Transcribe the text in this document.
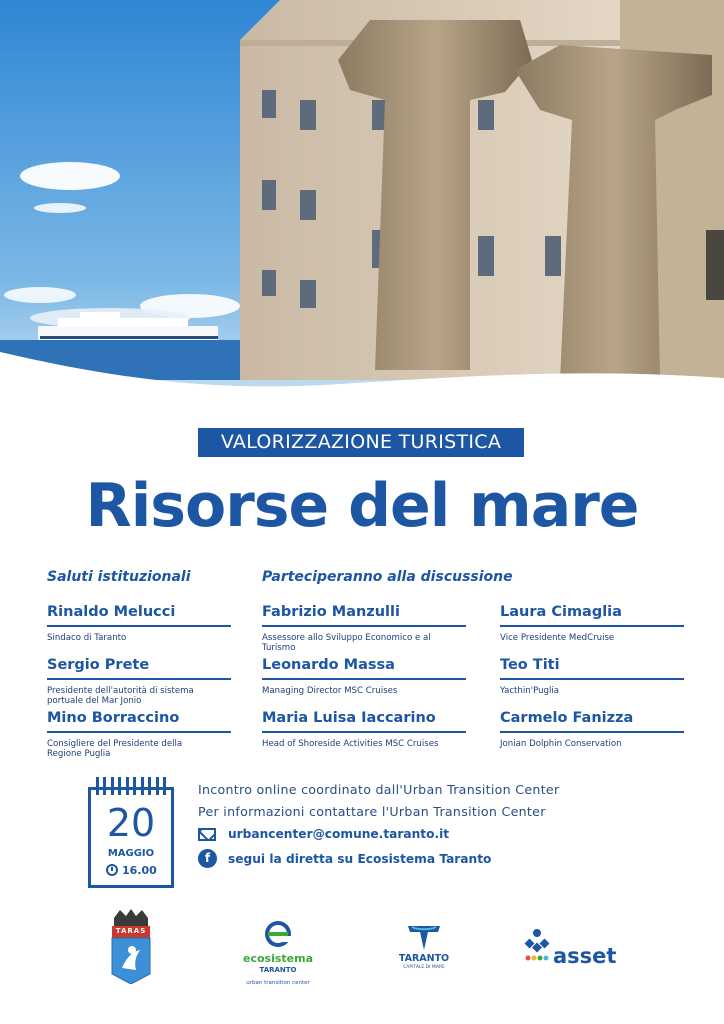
VALORIZZAZIONE TURISTICA
Risorse del mare
Saluti istituzionali	Parteciperanno alla discussione
Rinaldo Melucci
Sindaco di Taranto
Sergio Prete
Presidente dell'autorità di sistema portuale del Mar Jonio
Mino Borraccino
Consigliere del Presidente della Regione Puglia
Fabrizio Manzulli
Assessore allo Sviluppo Economico e al Turismo
Leonardo Massa
Managing Director MSC Cruises
Maria Luisa Iaccarino
Head of Shoreside Activities MSC Cruises
Laura Cimaglia
Vice Presidente MedCruise
Teo Titi
Yacthin'Puglia
Carmelo Fanizza
Jonian Dolphin Conservation
20
MAGGIO
16.00
Incontro online coordinato dall'Urban Transition Center
Per informazioni contattare l'Urban Transition Center
urbancenter@comune.taranto.it
f	segui la diretta su Ecosistema Taranto
TARAS
ecosistema
TARANTO
urban transition center
TARANTO
CAPITALE DI MARE	asset
